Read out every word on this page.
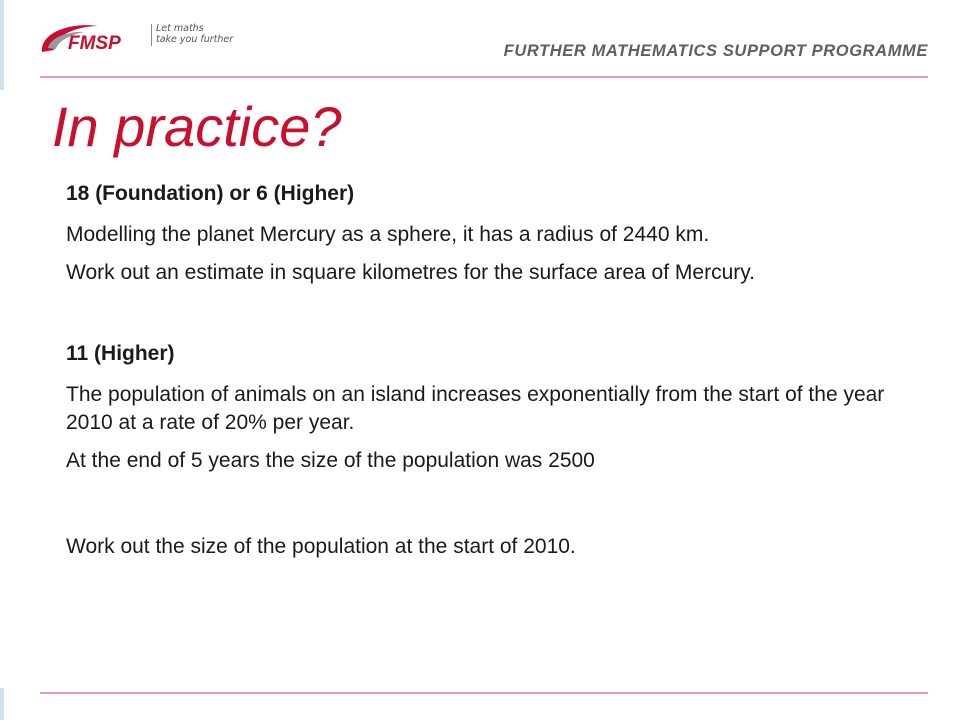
FMSP
Let maths
take you further
FURTHER MATHEMATICS SUPPORT PROGRAMME
In practice?

18 (Foundation) or 6 (Higher)

Modelling the planet Mercury as a sphere, it has a radius of 2440 km.

Work out an estimate in square kilometres for the surface area of Mercury.

11 (Higher)

The population of animals on an island increases exponentially from the start of the year 2010 at a rate of 20% per year.

At the end of 5 years the size of the population was 2500

Work out the size of the population at the start of 2010.
